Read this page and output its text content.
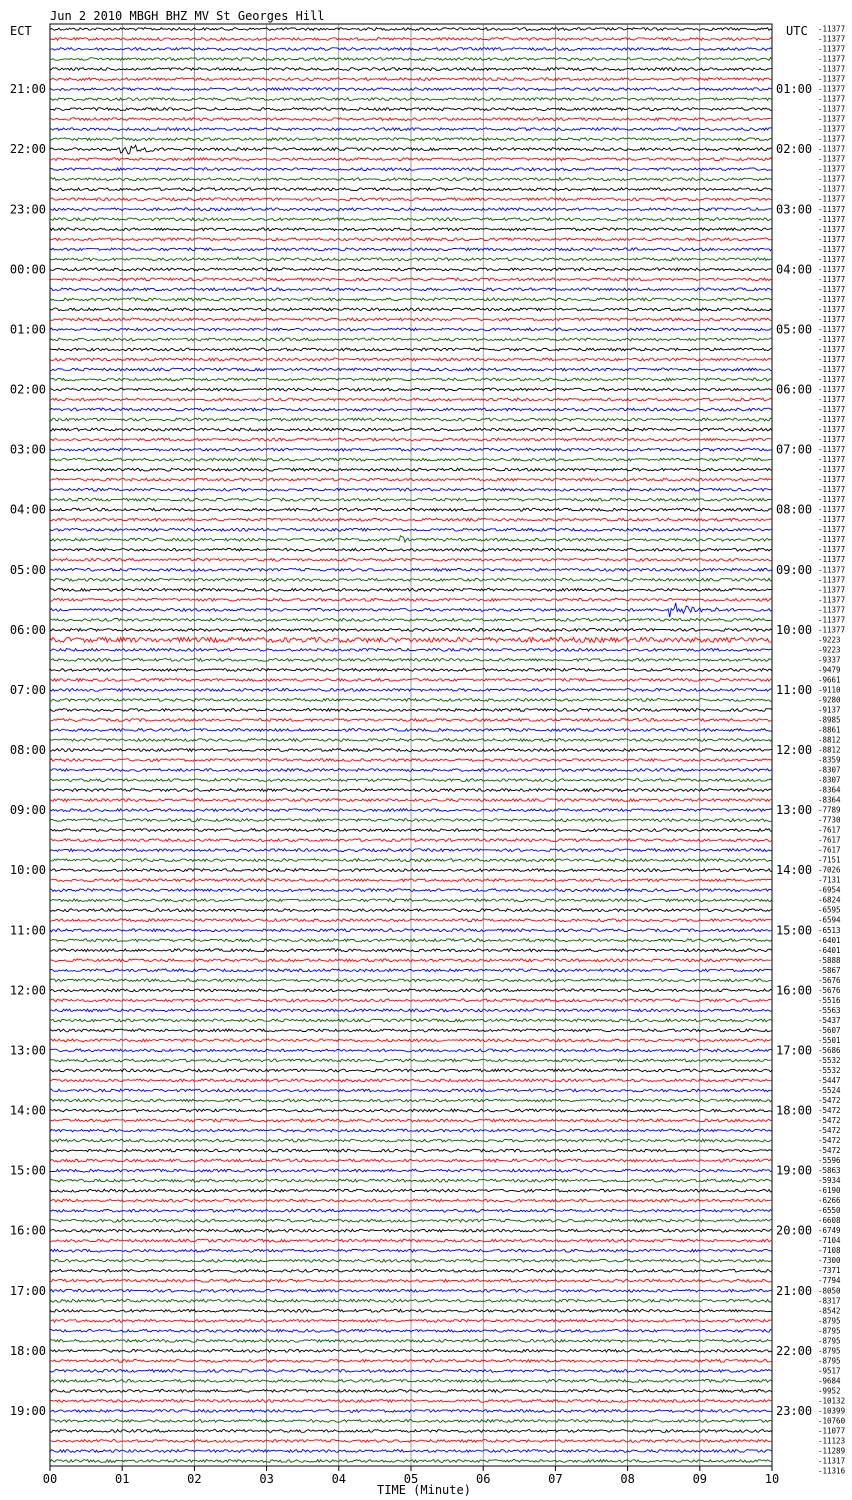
Jun 2 2010 MBGH BHZ MV St Georges Hill
ECT	UTC
TIME (Minute)
21:00
22:00
23:00
00:00
01:00
02:00
03:00
04:00
05:00
06:00
07:00
08:00
09:00
10:00
11:00
12:00
13:00
14:00
15:00
16:00
17:00
18:00
19:00
01:00
02:00
03:00
04:00
05:00
06:00
07:00
08:00
09:00
10:00
11:00
12:00
13:00
14:00
15:00
16:00
17:00
18:00
19:00
20:00
21:00
22:00
23:00
-11377
-11377
-11377
-11377
-11377
-11377
-11377
-11377
-11377
-11377
-11377
-11377
-11377
-11377
-11377
-11377
-11377
-11377
-11377
-11377
-11377
-11377
-11377
-11377
-11377
-11377
-11377
-11377
-11377
-11377
-11377
-11377
-11377
-11377
-11377
-11377
-11377
-11377
-11377
-11377
-11377
-11377
-11377
-11377
-11377
-11377
-11377
-11377
-11377
-11377
-11377
-11377
-11377
-11377
-11377
-11377
-11377
-11377
-11377
-11377
-11377
-9223
-9223
-9337
-9479
-9661
-9110
-9280
-9137
-8985
-8861
-8812
-8812
-8359
-8307
-8307
-8364
-8364
-7789
-7730
-7617
-7617
-7617
-7151
-7026
-7131
-6954
-6824
-6595
-6594
-6513
-6401
-6401
-5888
-5867
-5676
-5676
-5516
-5563
-5437
-5607
-5501
-5686
-5532
-5532
-5447
-5524
-5472
-5472
-5472
-5472
-5472
-5472
-5596
-5863
-5934
-6190
-6266
-6550
-6608
-6749
-7104
-7108
-7300
-7371
-7794
-8050
-8317
-8542
-8795
-8795
-8795
-8795
-8795
-9517
-9684
-9952
-10132
-10399
-10760
-11077
-11123
-11289
-11317
-11316
00	01	02	03	04	05	06	07	08	09	10
